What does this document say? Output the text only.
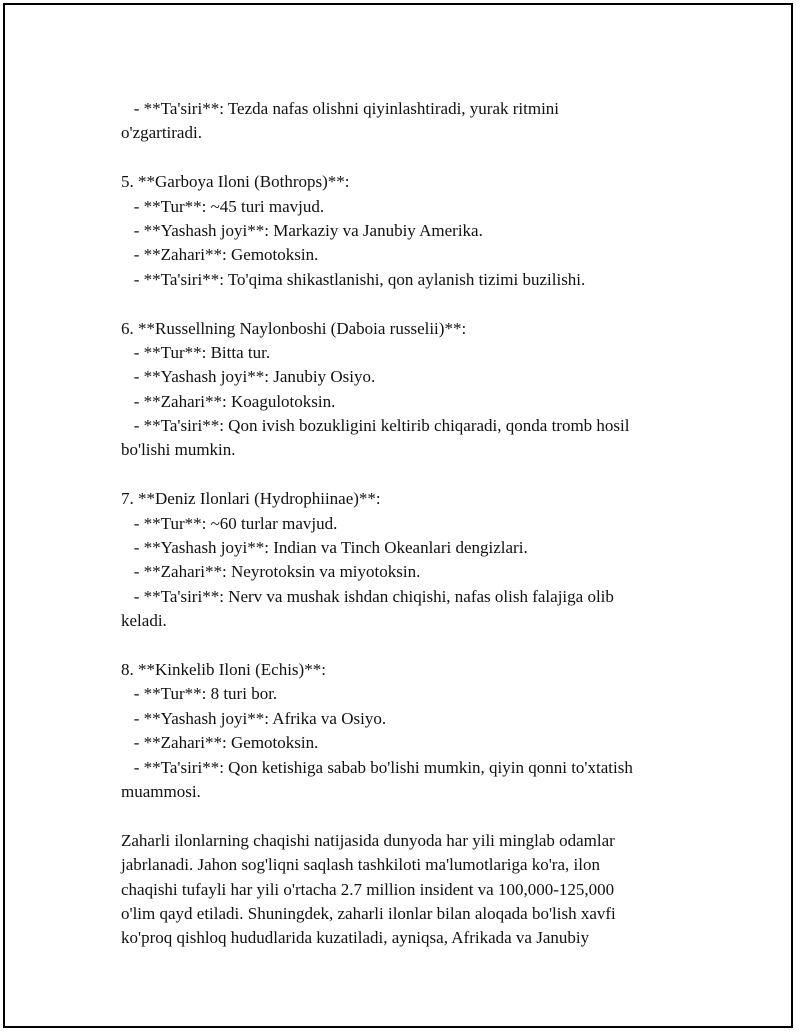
- **Ta'siri**: Tezda nafas olishni qiyinlashtiradi, yurak ritmini
o'zgartiradi.
5. **Garboya Iloni (Bothrops)**:
- **Tur**: ~45 turi mavjud.
- **Yashash joyi**: Markaziy va Janubiy Amerika.
- **Zahari**: Gemotoksin.
- **Ta'siri**: To'qima shikastlanishi, qon aylanish tizimi buzilishi.
6. **Russellning Naylonboshi (Daboia russelii)**:
- **Tur**: Bitta tur.
- **Yashash joyi**: Janubiy Osiyo.
- **Zahari**: Koagulotoksin.
- **Ta'siri**: Qon ivish bozukligini keltirib chiqaradi, qonda tromb hosil
bo'lishi mumkin.
7. **Deniz Ilonlari (Hydrophiinae)**:
- **Tur**: ~60 turlar mavjud.
- **Yashash joyi**: Indian va Tinch Okeanlari dengizlari.
- **Zahari**: Neyrotoksin va miyotoksin.
- **Ta'siri**: Nerv va mushak ishdan chiqishi, nafas olish falajiga olib
keladi.
8. **Kinkelib Iloni (Echis)**:
- **Tur**: 8 turi bor.
- **Yashash joyi**: Afrika va Osiyo.
- **Zahari**: Gemotoksin.
- **Ta'siri**: Qon ketishiga sabab bo'lishi mumkin, qiyin qonni to'xtatish
muammosi.
Zaharli ilonlarning chaqishi natijasida dunyoda har yili minglab odamlar
jabrlanadi. Jahon sog'liqni saqlash tashkiloti ma'lumotlariga ko'ra, ilon
chaqishi tufayli har yili o'rtacha 2.7 million insident va 100,000-125,000
o'lim qayd etiladi. Shuningdek, zaharli ilonlar bilan aloqada bo'lish xavfi
ko'proq qishloq hududlarida kuzatiladi, ayniqsa, Afrikada va Janubiy
